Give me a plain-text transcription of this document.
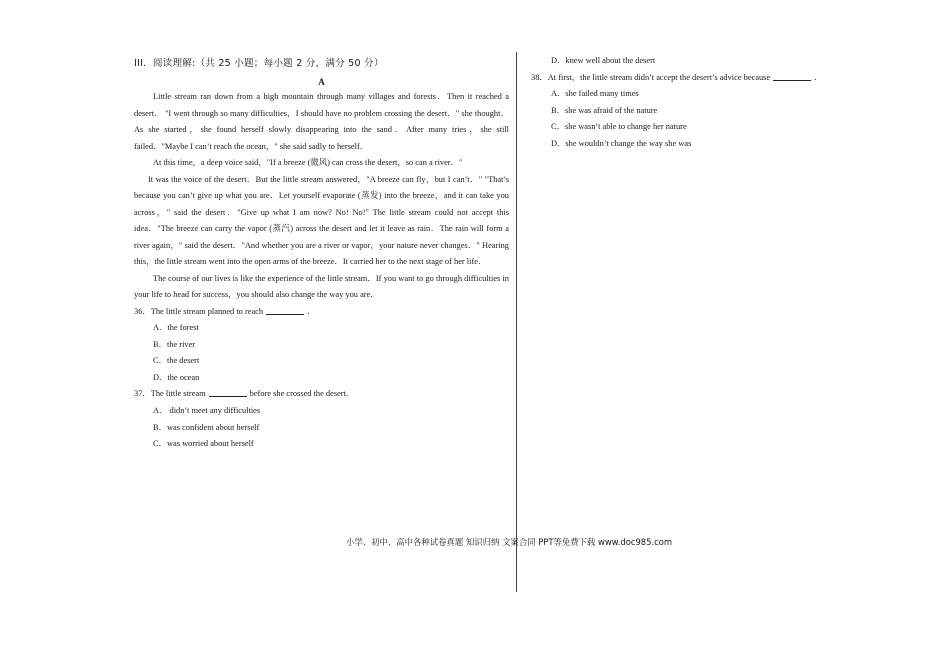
III．阅读理解:（共 25 小题；每小题 2 分，满分 50 分）
A

Little stream ran down from a high mountain through many villages and forests．Then it reached a desert． "I went through so many difficulties，I should have no problem crossing the desert．" she thought．As she started，she found herself slowly disappearing into the sand．After many tries，she still failed．"Maybe I can’t reach the ocean，" she said sadly to herself．

At this time，a deep voice said，"If a breeze (微风) can cross the desert，so can a river．"

It was the voice of the desert．But the little stream answered，"A breeze can fly，but I can’t．" "That’s because you can’t give up what you are．Let yourself evaporate (蒸发) into the breeze，and it can take you across，" said the desert．"Give up what I am now? No! No!" The little stream could not accept this idea．"The breeze can carry the vapor (蒸汽) across the desert and let it leave as rain．The rain will form a river again，" said the desert．"And whether you are a river or vapor，your nature never changes．" Hearing this，the little stream went into the open arms of the breeze．It carried her to the next stage of her life．

The course of our lives is like the experience of the little stream．If you want to go through difficulties in your life to head for success，you should also change the way you are．

36．The little stream planned to reach	．

A．the forest

B．the river

C．the desert

D．the ocean

37．The little stream	before she crossed the desert．

A． didn’t meet any difficulties

B．was confident about herself

C．was worried about herself

D．knew well about the desert

38．At first，the little stream didn’t accept the desert’s advice because	．

A．she failed many times

B．she was afraid of the nature

C．she wasn’t able to change her nature

D．she wouldn’t change the way she was

小学、初中、高中各种试卷真题 知识归纳 文案合同 PPT等免费下载 www.doc985.com
